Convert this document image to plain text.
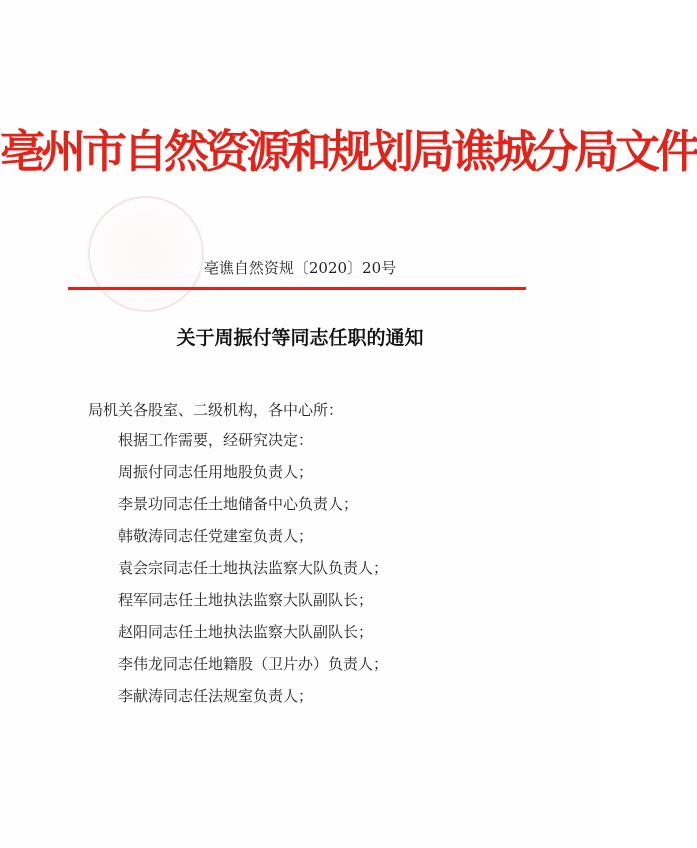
亳州市自然资源和规划局谯城分局文件
亳谯自然资规〔2020〕20号
关于周振付等同志任职的通知
局机关各股室、二级机构，各中心所：
根据工作需要，经研究决定：
周振付同志任用地股负责人；
李景功同志任土地储备中心负责人；
韩敬涛同志任党建室负责人；
袁会宗同志任土地执法监察大队负责人；
程军同志任土地执法监察大队副队长；
赵阳同志任土地执法监察大队副队长；
李伟龙同志任地籍股（卫片办）负责人；
李献涛同志任法规室负责人；
